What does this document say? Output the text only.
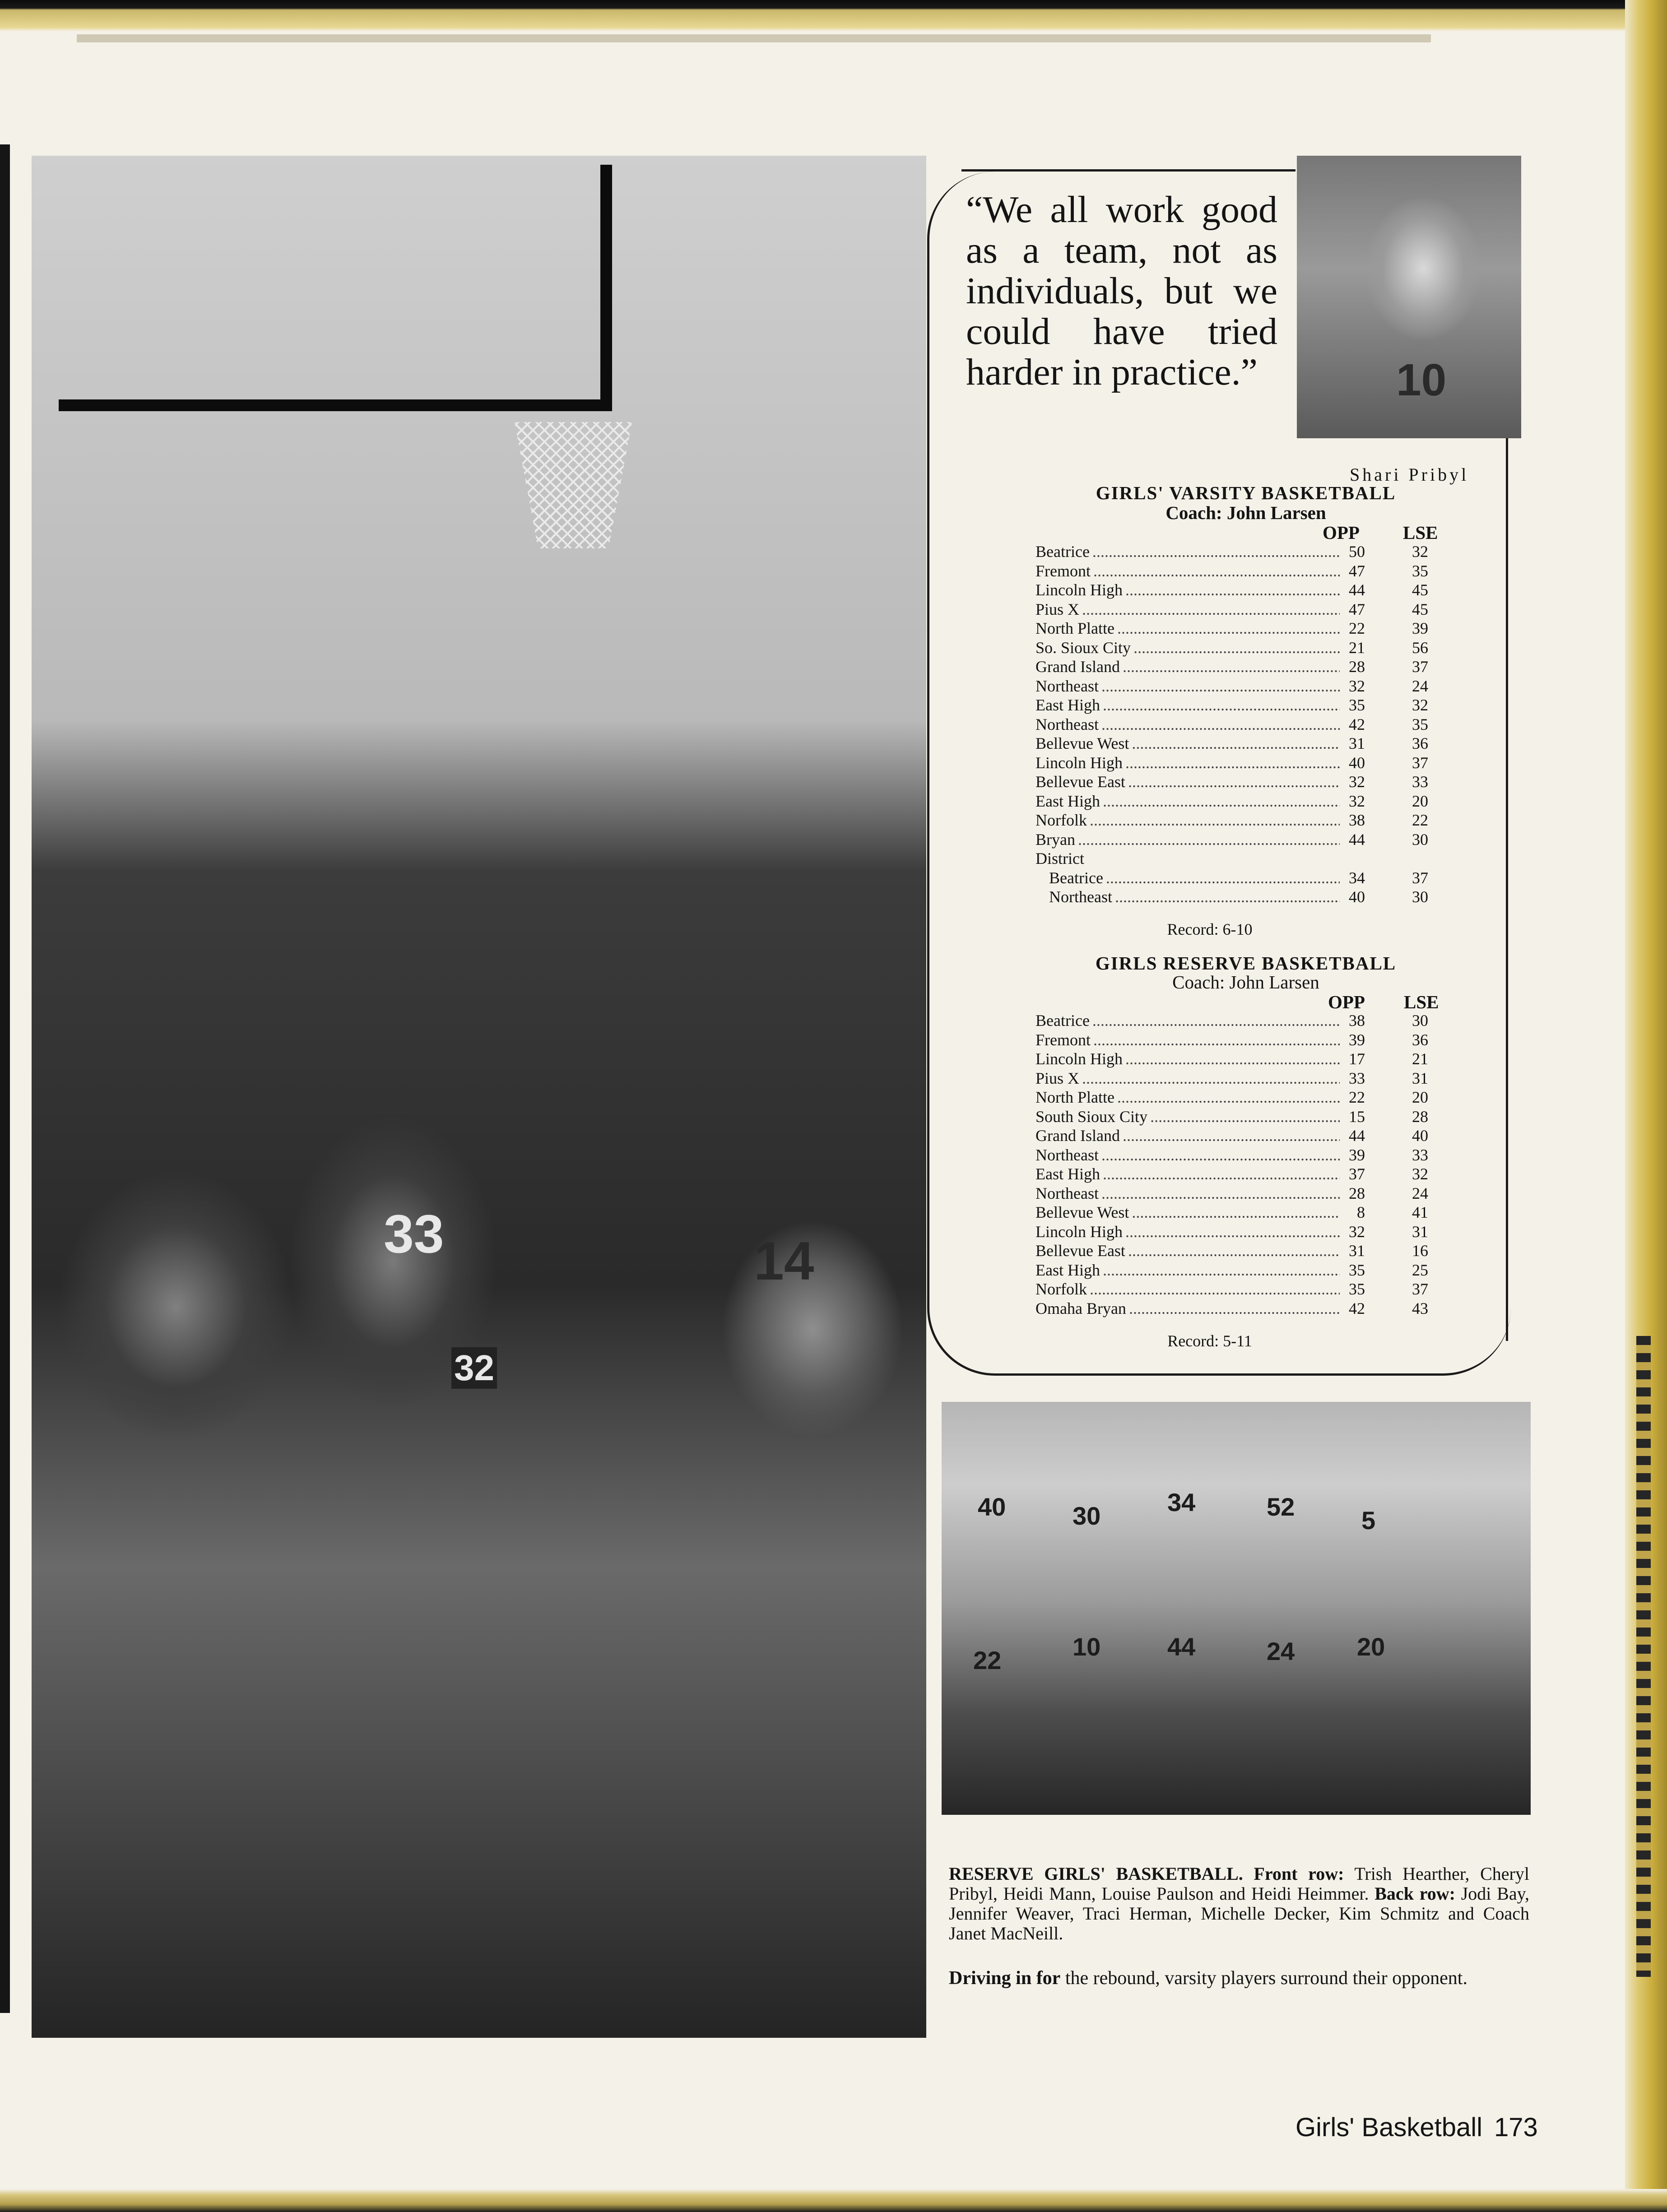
33
32
14
10

“We all work good as a team, not as individuals, but we could have tried harder in practice.”

Shari Pribyl
GIRLS' VARSITY BASKETBALL
Coach: John Larsen
OPP LSE
Beatrice .....	50	32
Fremont .....	47	35
Lincoln High .....	44	45
Pius X .....	47	45
North Platte .....	22	39
So. Sioux City .....	21	56
Grand Island .....	28	37
Northeast .....	32	24
East High .....	35	32
Northeast .....	42	35
Bellevue West .....	31	36
Lincoln High .....	40	37
Bellevue East .....	32	33
East High .....	32	20
Norfolk .....	38	22
Bryan .....	44	30
District
Beatrice .....	34	37
Northeast .....	40	30
Record: 6-10
GIRLS RESERVE BASKETBALL
Coach: John Larsen
OPP LSE
Beatrice .....	38	30
Fremont .....	39	36
Lincoln High .....	17	21
Pius X .....	33	31
North Platte .....	22	20
South Sioux City .....	15	28
Grand Island .....	44	40
Northeast .....	39	33
East High .....	37	32
Northeast .....	28	24
Bellevue West .....	8	41
Lincoln High .....	32	31
Bellevue East .....	31	16
East High .....	35	25
Norfolk .....	35	37
Omaha Bryan .....	42	43
Record: 5-11
40	30	34	52	5
22	10	44	24 20

RESERVE GIRLS' BASKETBALL. Front row: Trish Hearther, Cheryl Pribyl, Heidi Mann, Louise Paulson and Heidi Heimmer. Back row: Jodi Bay, Jennifer Weaver, Traci Herman, Michelle Decker, Kim Schmitz and Coach Janet MacNeill.

Driving in for the rebound, varsity players surround their opponent.

Girls' Basketball 173
